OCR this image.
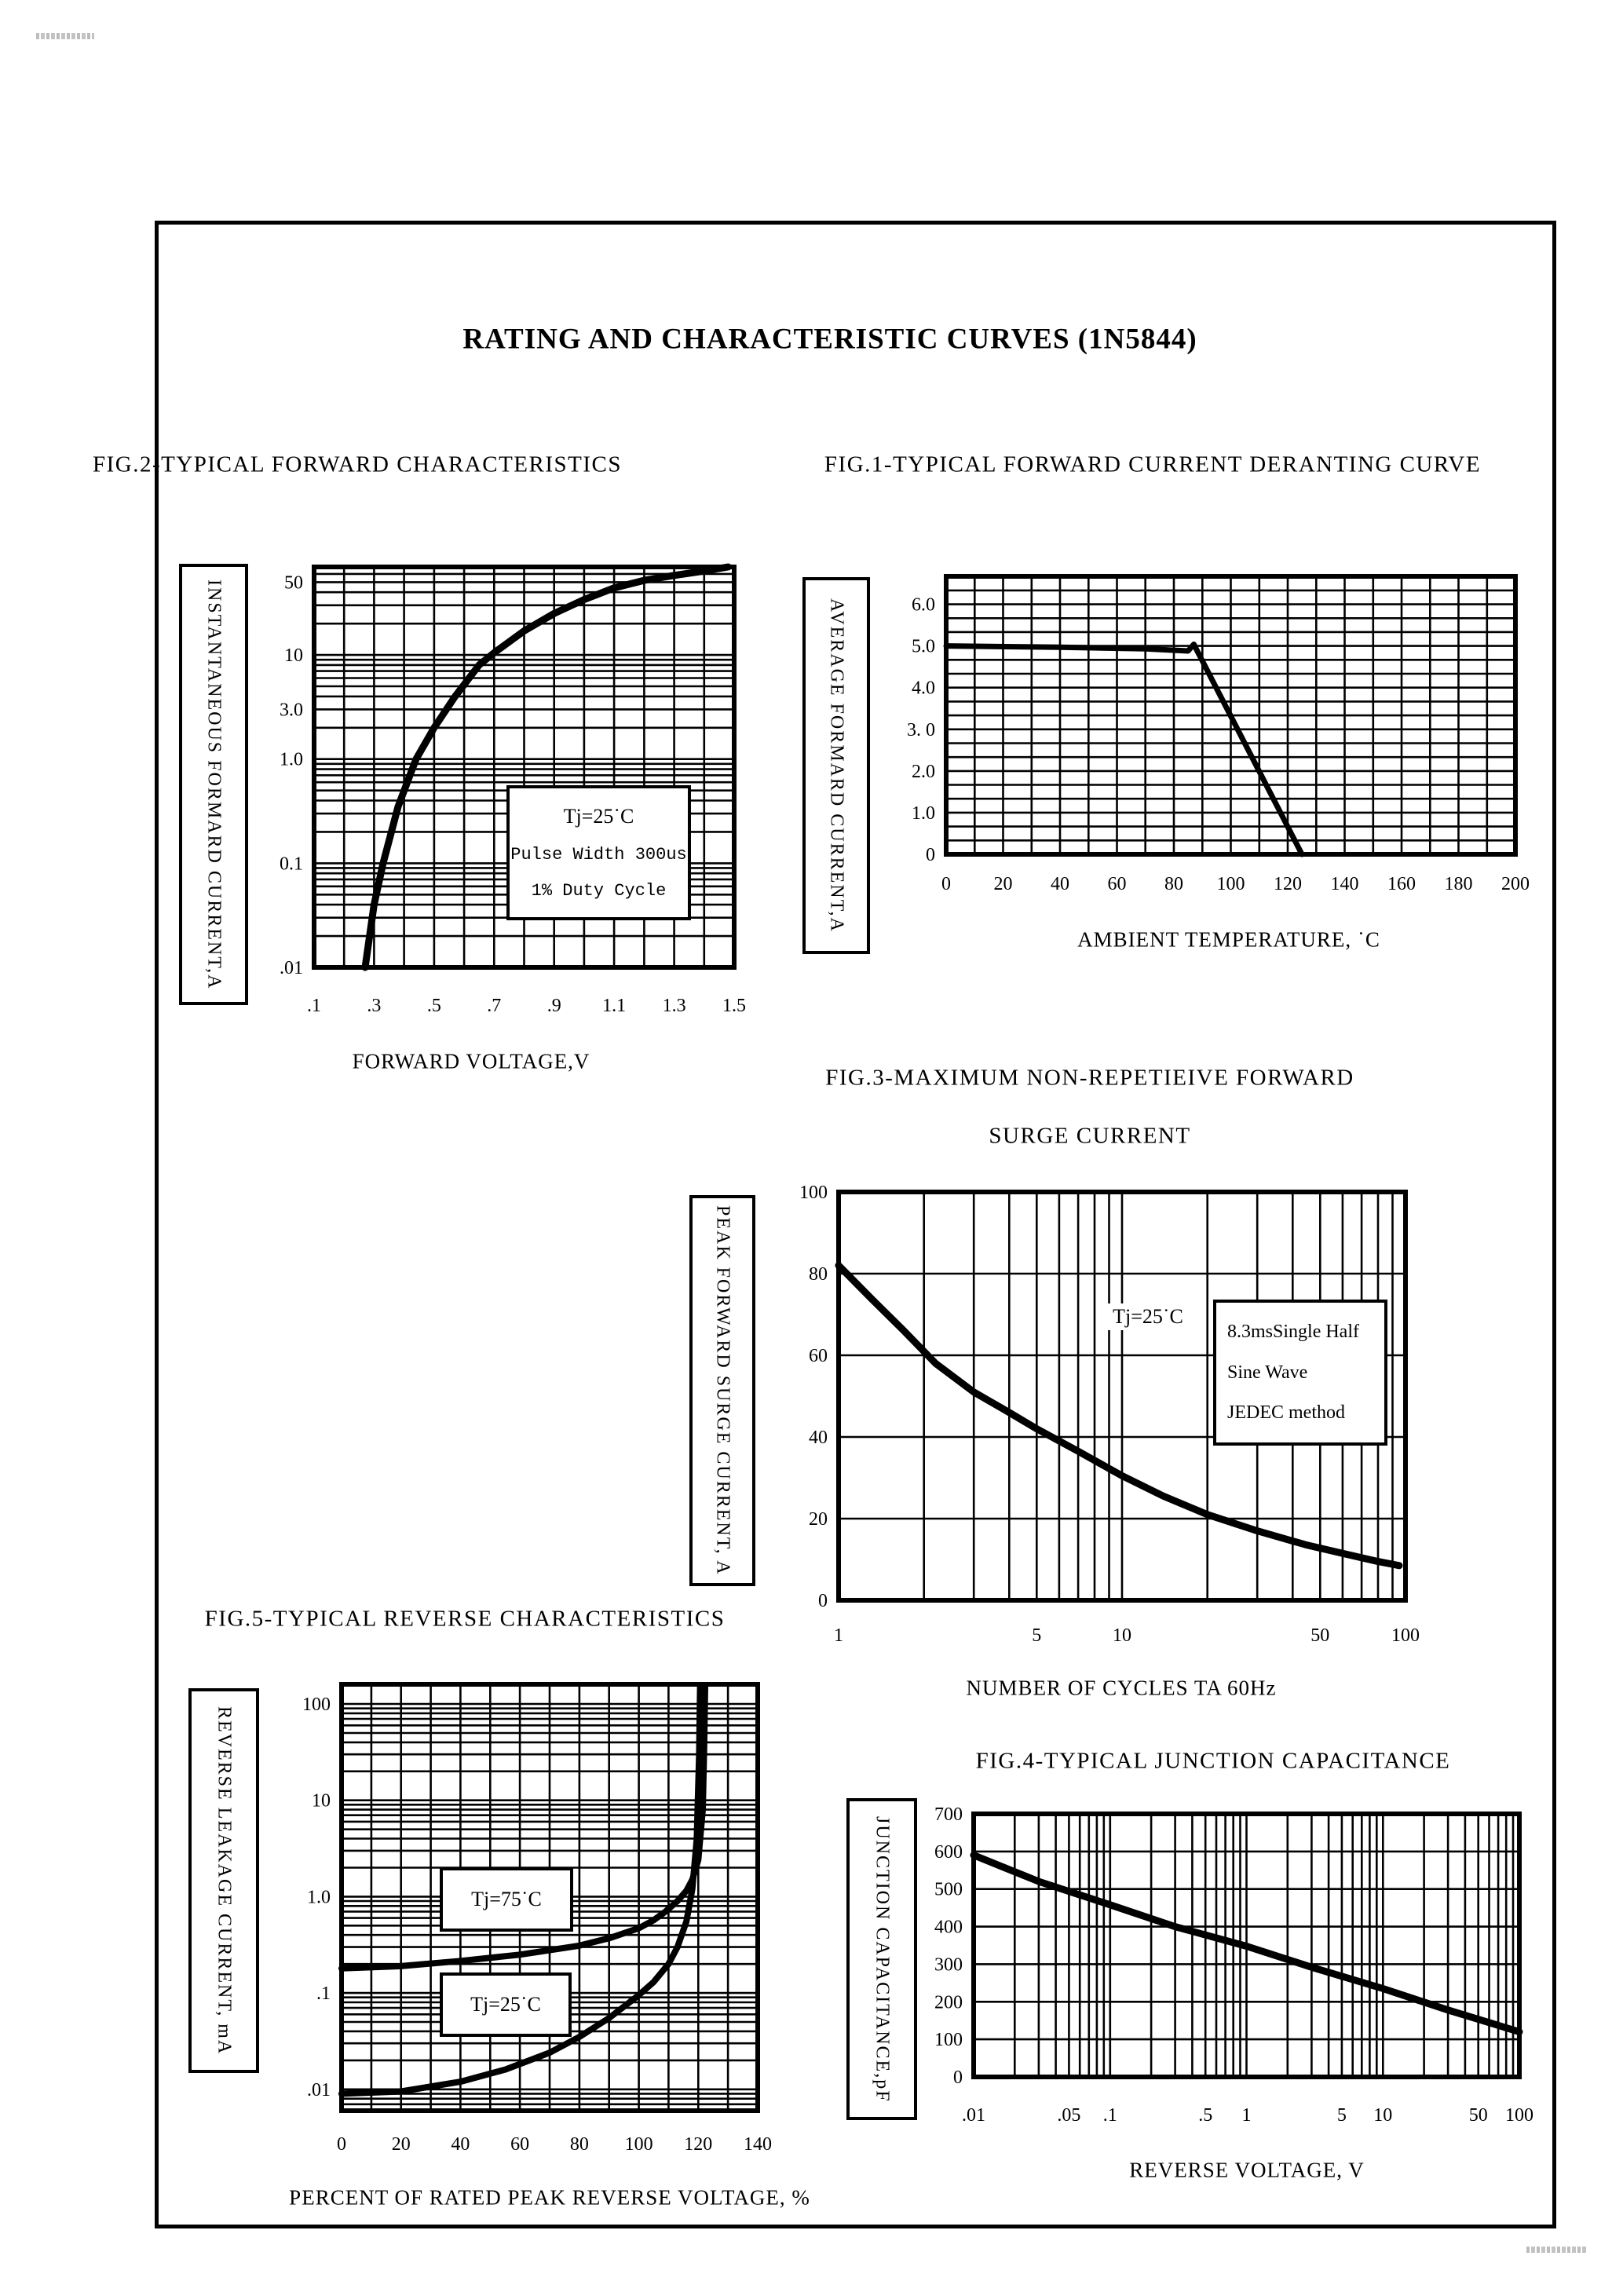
RATING AND CHARACTERISTIC CURVES (1N5844)
FIG.2-TYPICAL FORWARD CHARACTERISTICS
INSTANTANEOUS FORMARD CURRENT,A
.1 .3 .5 .7 .9 1.1 1.3 1.5
50
10
3.0
1.0
0.1
.01
Tj=25˙C
Pulse Width 300us
1% Duty Cycle
FORWARD VOLTAGE,V
FIG.1-TYPICAL FORWARD CURRENT DERANTING CURVE
AVERAGE FORMARD CURRENT,A	0 20 40 60 80 100 120 140 160 180 200
6.0
5.0
4.0
3. 0
2.0
1.0
0
AMBIENT TEMPERATURE, ˙C
FIG.3-MAXIMUM NON-REPETIEIVE FORWARD
SURGE CURRENT
PEAK FORWARD SURGE CURRENT, A
1	5	10	50	100
100
80
60
40
20
0
Tj=25˙C
8.3msSingle Half
Sine Wave
JEDEC method
NUMBER OF CYCLES TA 60Hz
FIG.5-TYPICAL REVERSE CHARACTERISTICS
REVERSE LEAKAGE CURRENT, mA
0 20 40 60 80 100 120 140
100
10
1.0
.1
.01
Tj=75˙C
Tj=25˙C
PERCENT OF RATED PEAK REVERSE VOLTAGE, %
FIG.4-TYPICAL JUNCTION CAPACITANCE
JUNCTION CAPACITANCE,pF
.01	.05 .1	.5 1	5 10	50 100
700
600
500
400
300
200
100
0
REVERSE VOLTAGE, V
